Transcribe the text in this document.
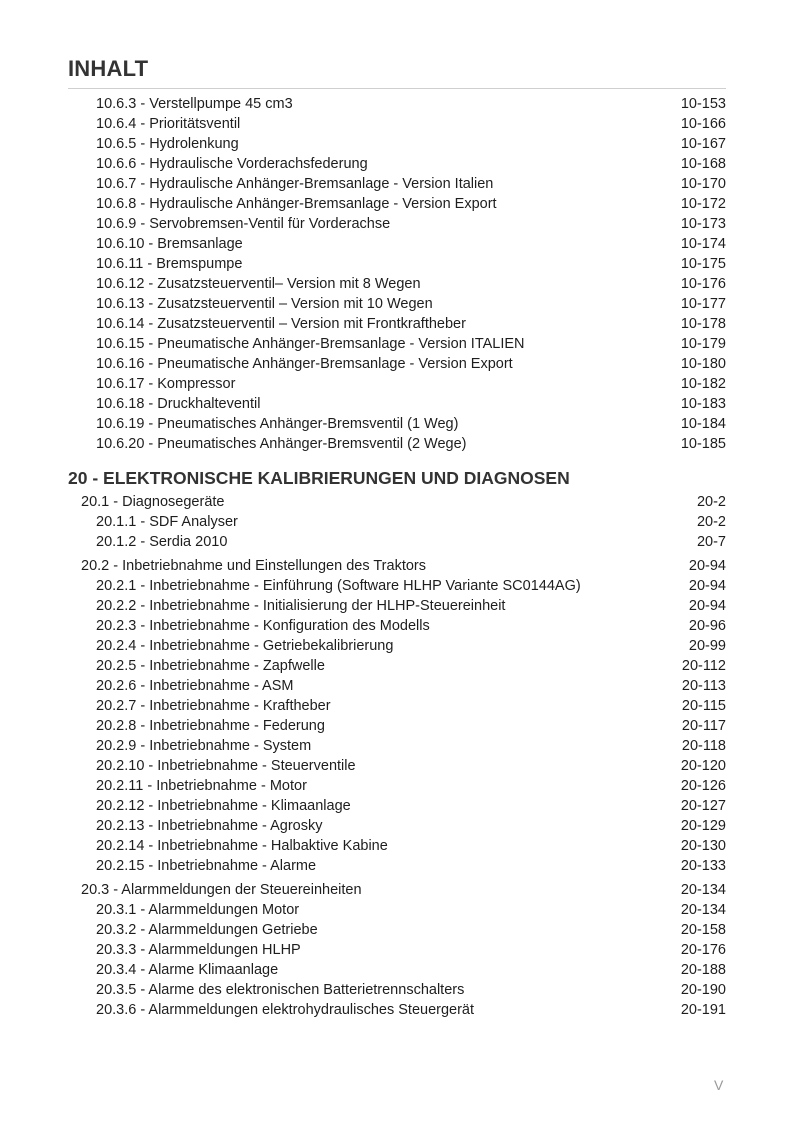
INHALT
10.6.3 - Verstellpumpe 45 cm3	10-153
10.6.4 - Prioritätsventil	10-166
10.6.5 - Hydrolenkung	10-167
10.6.6 - Hydraulische Vorderachsfederung	10-168
10.6.7 - Hydraulische Anhänger-Bremsanlage - Version Italien	10-170
10.6.8 - Hydraulische Anhänger-Bremsanlage - Version Export	10-172
10.6.9 - Servobremsen-Ventil für Vorderachse	10-173
10.6.10 - Bremsanlage	10-174
10.6.11 - Bremspumpe	10-175
10.6.12 - Zusatzsteuerventil– Version mit 8 Wegen	10-176
10.6.13 - Zusatzsteuerventil – Version mit 10 Wegen	10-177
10.6.14 - Zusatzsteuerventil – Version mit Frontkraftheber	10-178
10.6.15 - Pneumatische Anhänger-Bremsanlage - Version ITALIEN	10-179
10.6.16 - Pneumatische Anhänger-Bremsanlage - Version Export	10-180
10.6.17 - Kompressor	10-182
10.6.18 - Druckhalteventil	10-183
10.6.19 - Pneumatisches Anhänger-Bremsventil (1 Weg)	10-184
10.6.20 - Pneumatisches Anhänger-Bremsventil (2 Wege)	10-185
20 - ELEKTRONISCHE KALIBRIERUNGEN UND DIAGNOSEN
20.1 - Diagnosegeräte	20-2
20.1.1 - SDF Analyser	20-2
20.1.2 - Serdia 2010	20-7
20.2 - Inbetriebnahme und Einstellungen des Traktors	20-94
20.2.1 - Inbetriebnahme - Einführung (Software HLHP Variante SC0144AG)	20-94
20.2.2 - Inbetriebnahme - Initialisierung der HLHP-Steuereinheit	20-94
20.2.3 - Inbetriebnahme - Konfiguration des Modells	20-96
20.2.4 - Inbetriebnahme - Getriebekalibrierung	20-99
20.2.5 - Inbetriebnahme - Zapfwelle	20-112
20.2.6 - Inbetriebnahme - ASM	20-113
20.2.7 - Inbetriebnahme - Kraftheber	20-115
20.2.8 - Inbetriebnahme - Federung	20-117
20.2.9 - Inbetriebnahme - System	20-118
20.2.10 - Inbetriebnahme - Steuerventile	20-120
20.2.11 - Inbetriebnahme - Motor	20-126
20.2.12 - Inbetriebnahme - Klimaanlage	20-127
20.2.13 - Inbetriebnahme - Agrosky	20-129
20.2.14 - Inbetriebnahme - Halbaktive Kabine	20-130
20.2.15 - Inbetriebnahme - Alarme	20-133
20.3 - Alarmmeldungen der Steuereinheiten	20-134
20.3.1 - Alarmmeldungen Motor	20-134
20.3.2 - Alarmmeldungen Getriebe	20-158
20.3.3 - Alarmmeldungen HLHP	20-176
20.3.4 - Alarme Klimaanlage	20-188
20.3.5 - Alarme des elektronischen Batterietrennschalters	20-190
20.3.6 - Alarmmeldungen elektrohydraulisches Steuergerät	20-191
V
